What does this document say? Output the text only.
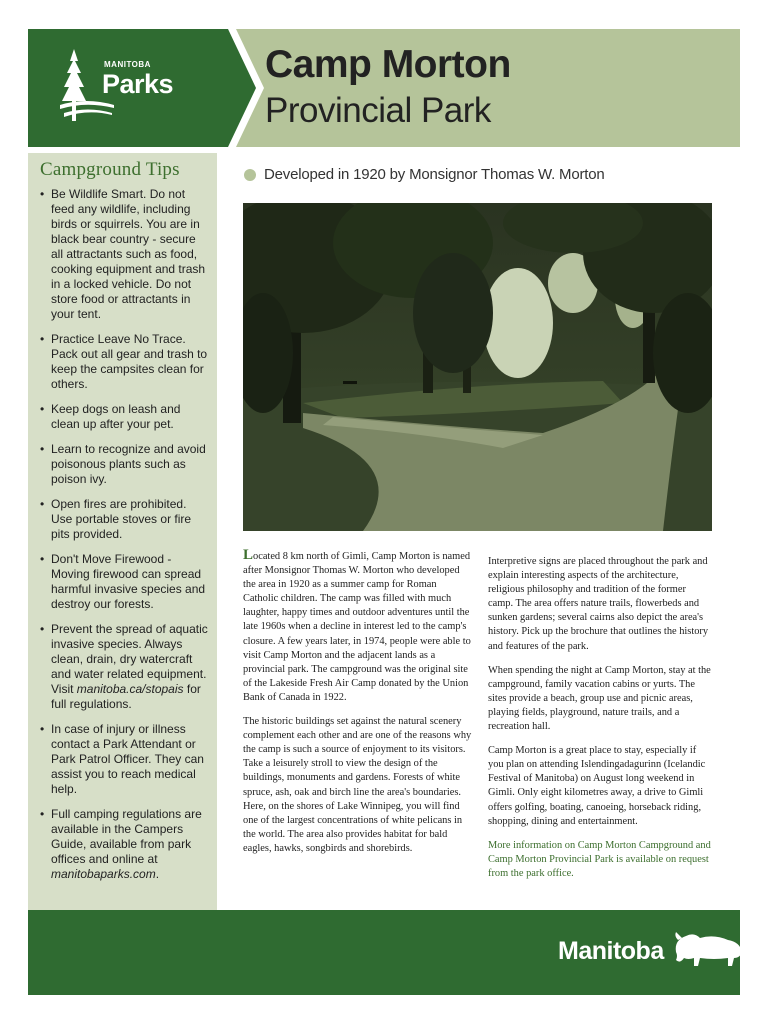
MANITOBA
Parks Camp Morton
Provincial Park
Campground Tips
• Be Wildlife Smart. Do not feed any wildlife, including birds or squirrels. You are in black bear country - secure all attractants such as food, cooking equipment and trash in a locked vehicle. Do not store food or attractants in your tent.
• Practice Leave No Trace. Pack out all gear and trash to keep the campsites clean for others.
• Keep dogs on leash and clean up after your pet.
• Learn to recognize and avoid poisonous plants such as poison ivy.
• Open fires are prohibited. Use portable stoves or fire pits provided.
• Don't Move Firewood - Moving firewood can spread harmful invasive species and destroy our forests.
• Prevent the spread of aquatic invasive species. Always clean, drain, dry watercraft and water related equipment. Visit manitoba.ca/stopais for full regulations.
• In case of injury or illness contact a Park Attendant or Park Patrol Officer. They can assist you to reach medical help.
• Full camping regulations are available in the Campers Guide, available from park offices and online at manitobaparks.com.
Developed in 1920 by Monsignor Thomas W. Morton

Located 8 km north of Gimli, Camp Morton is named after Monsignor Thomas W. Morton who developed the area in 1920 as a summer camp for Roman Catholic children. The camp was filled with much laughter, happy times and outdoor adventures until the late 1960s when a decline in interest led to the camp's closure. A few years later, in 1974, people were able to visit Camp Morton and the adjacent lands as a provincial park. The campground was the original site of the Lakeside Fresh Air Camp donated by the Union Bank of Canada in 1922.

The historic buildings set against the natural scenery complement each other and are one of the reasons why the camp is such a source of enjoyment to its visitors. Take a leisurely stroll to view the design of the buildings, monuments and gardens. Forests of white spruce, ash, oak and birch line the area's boundaries. Here, on the shores of Lake Winnipeg, you will find one of the largest concentrations of white pelicans in the world. The area also provides habitat for bald eagles, hawks, songbirds and shorebirds.

Interpretive signs are placed throughout the park and explain interesting aspects of the architecture, religious philosophy and tradition of the former camp. The area offers nature trails, flowerbeds and sunken gardens; several cairns also depict the area's history. Pick up the brochure that outlines the history and features of the park.

When spending the night at Camp Morton, stay at the campground, family vacation cabins or yurts. The sites provide a beach, group use and picnic areas, playing fields, playground, nature trails, and a recreation hall.

Camp Morton is a great place to stay, especially if you plan on attending Islendingadagurinn (Icelandic Festival of Manitoba) on August long weekend in Gimli. Only eight kilometres away, a drive to Gimli offers golfing, boating, canoeing, horseback riding, shopping, dining and entertainment.

More information on Camp Morton Campground and Camp Morton Provincial Park is available on request from the park office.

Manitoba
